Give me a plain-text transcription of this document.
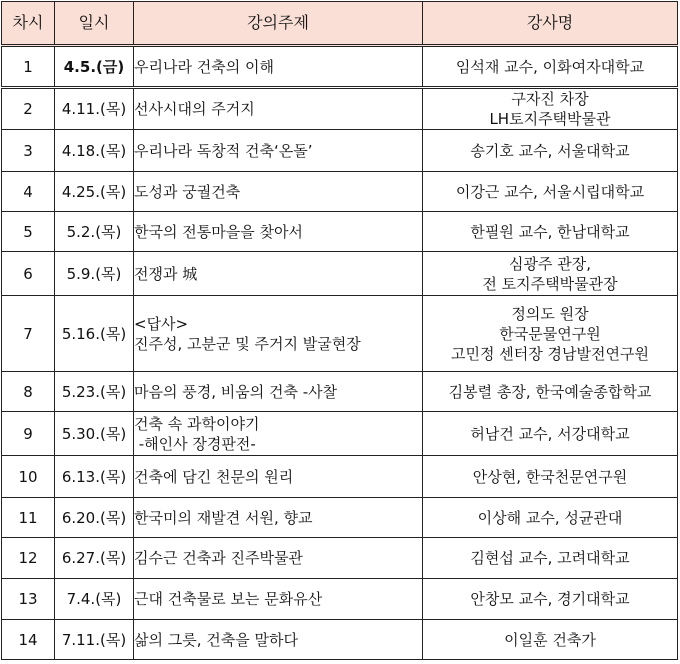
차시	일시	강의주제	강사명
1	4.5.(금)	우리나라 건축의 이해	임석재 교수, 이화여자대학교

2	4.11.(목)	선사시대의 주거지	구자진 차장
LH토지주택박물관

3	4.18.(목)	우리나라 독창적 건축‘온돌’	송기호 교수, 서울대학교

4	4.25.(목)	도성과 궁궐건축	이강근 교수, 서울시립대학교

5	5.2.(목)	한국의 전통마을을 찾아서	한필원 교수, 한남대학교

6	5.9.(목)	전쟁과 城	심광주 관장,
전 토지주택박물관장

7	5.16.(목)	<답사>
진주성, 고분군 및 주거지 발굴현장	정의도 원장
한국문물연구원
고민정 센터장 경남발전연구원

8	5.23.(목)	마음의 풍경, 비움의 건축 -사찰	김봉렬 총장, 한국예술종합학교

9	5.30.(목)	건축 속 과학이야기
-해인사 장경판전-	허남건 교수, 서강대학교

10	6.13.(목)	건축에 담긴 천문의 원리	안상현, 한국천문연구원

11	6.20.(목)	한국미의 재발견 서원, 향교	이상해 교수, 성균관대

12	6.27.(목)	김수근 건축과 진주박물관	김현섭 교수, 고려대학교

13	7.4.(목)	근대 건축물로 보는 문화유산	안창모 교수, 경기대학교

14	7.11.(목)	삶의 그릇, 건축을 말하다	이일훈 건축가
